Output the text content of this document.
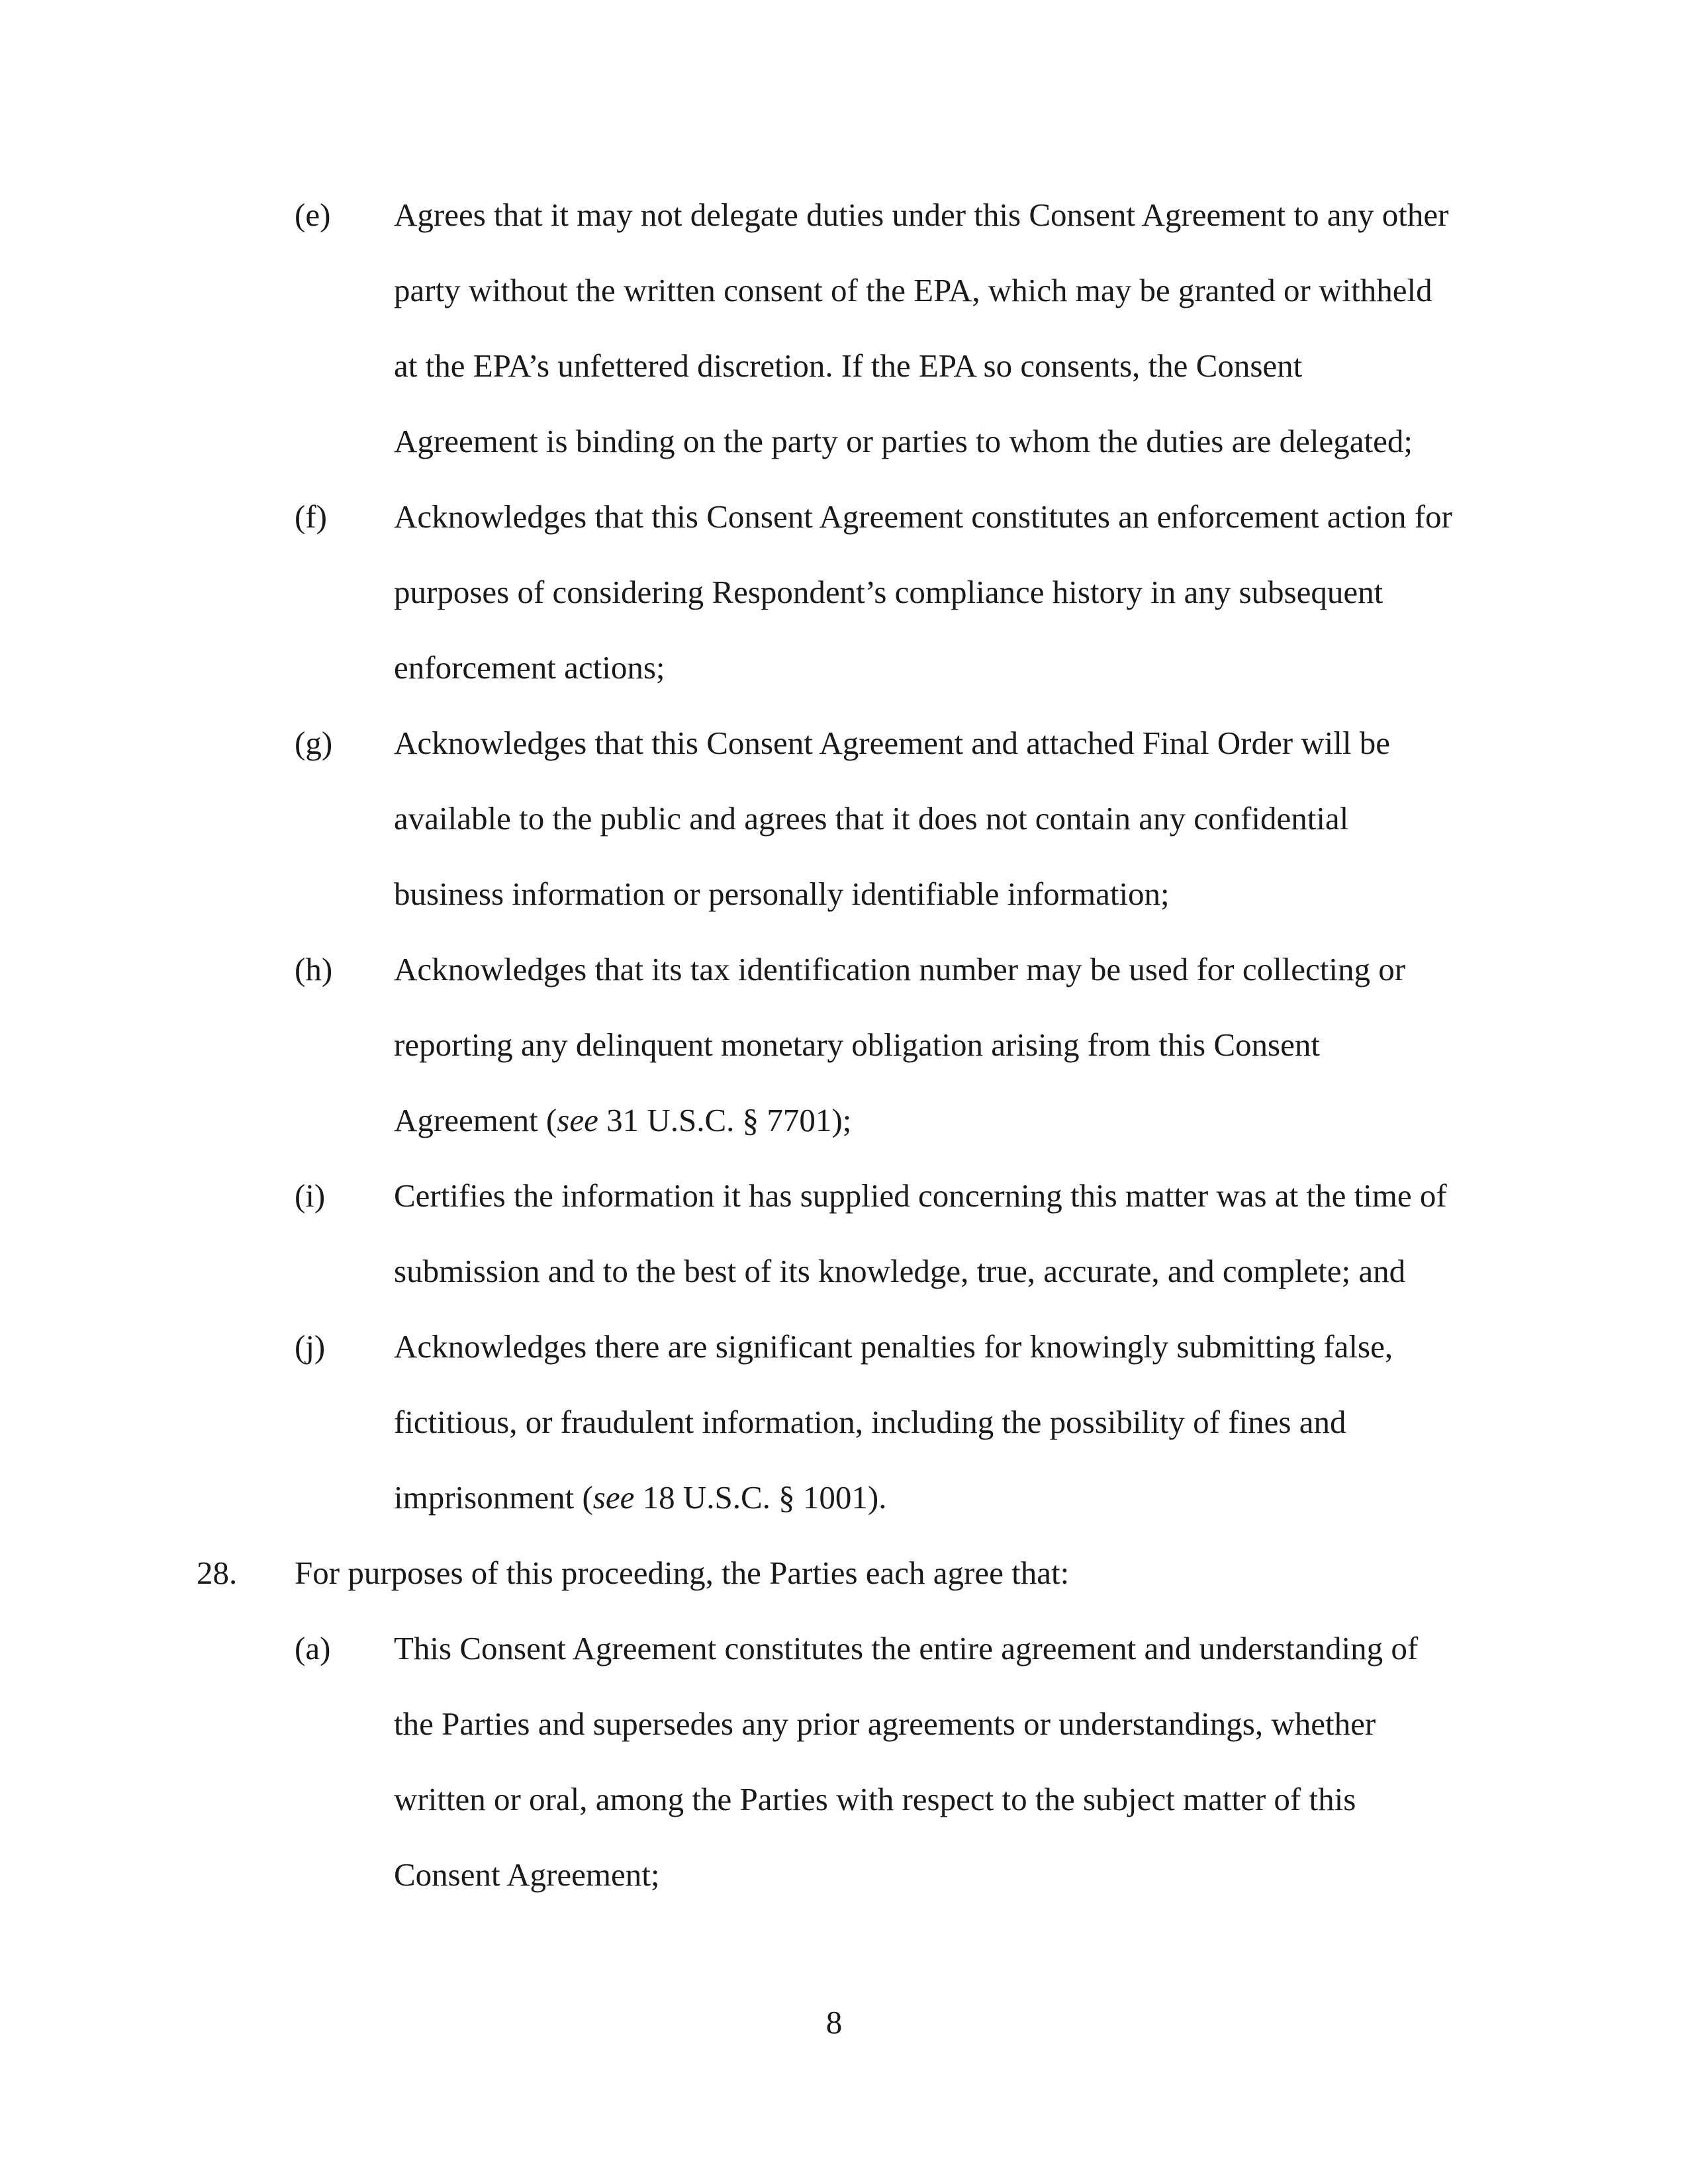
(e) Agrees that it may not delegate duties under this Consent Agreement to any other
party without the written consent of the EPA, which may be granted or withheld
at the EPA’s unfettered discretion. If the EPA so consents, the Consent
Agreement is binding on the party or parties to whom the duties are delegated;
(f) Acknowledges that this Consent Agreement constitutes an enforcement action for
purposes of considering Respondent’s compliance history in any subsequent
enforcement actions;
(g) Acknowledges that this Consent Agreement and attached Final Order will be
available to the public and agrees that it does not contain any confidential
business information or personally identifiable information;
(h) Acknowledges that its tax identification number may be used for collecting or
reporting any delinquent monetary obligation arising from this Consent
Agreement (see 31 U.S.C. § 7701);
(i) Certifies the information it has supplied concerning this matter was at the time of
submission and to the best of its knowledge, true, accurate, and complete; and
(j) Acknowledges there are significant penalties for knowingly submitting false,
fictitious, or fraudulent information, including the possibility of fines and
imprisonment (see 18 U.S.C. § 1001).
28. For purposes of this proceeding, the Parties each agree that:
(a) This Consent Agreement constitutes the entire agreement and understanding of
the Parties and supersedes any prior agreements or understandings, whether
written or oral, among the Parties with respect to the subject matter of this
Consent Agreement;
8
